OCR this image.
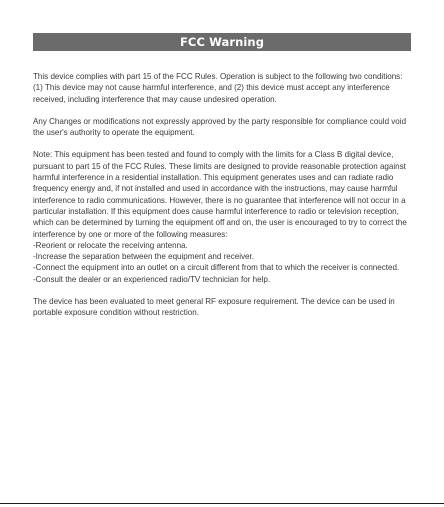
FCC Warning

This device complies with part 15 of the FCC Rules. Operation is subject to the following two conditions: (1) This device may not cause harmful interference, and (2) this device must accept any interference received, including interference that may cause undesired operation.

Any Changes or modifications not expressly approved by the party responsible for compliance could void the user's authority to operate the equipment.

Note: This equipment has been tested and found to comply with the limits for a Class B digital device, pursuant to part 15 of the FCC Rules. These limits are designed to provide reasonable protection against harmful interference in a residential installation. This equipment generates uses and can radiate radio frequency energy and, if not installed and used in accordance with the instructions, may cause harmful interference to radio communications. However, there is no guarantee that interference will not occur in a particular installation. If this equipment does cause harmful interference to radio or television reception, which can be determined by turning the equipment off and on, the user is encouraged to try to correct the interference by one or more of the following measures:

-Reorient or relocate the receiving antenna.

-Increase the separation between the equipment and receiver.

-Connect the equipment into an outlet on a circuit different from that to which the receiver is connected.

-Consult the dealer or an experienced radio/TV technician for help.

The device has been evaluated to meet general RF exposure requirement. The device can be used in portable exposure condition without restriction.
